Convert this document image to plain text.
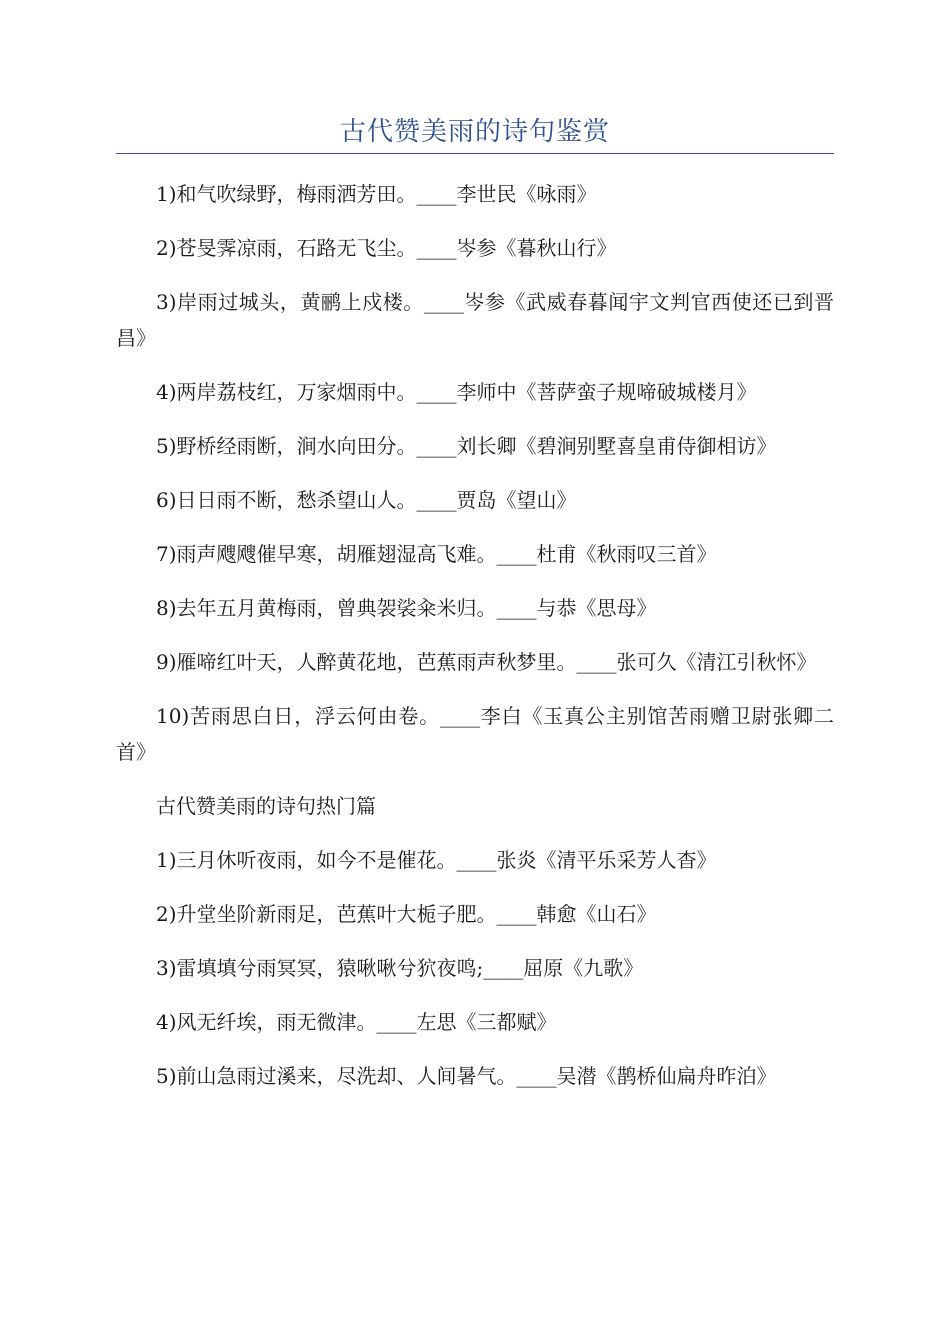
古代赞美雨的诗句鉴赏

1)和气吹绿野，梅雨洒芳田。____李世民《咏雨》

2)苍旻霁凉雨，石路无飞尘。____岑参《暮秋山行》

3)岸雨过城头，黄鹂上戍楼。____岑参《武威春暮闻宇文判官西使还已到晋昌》

4)两岸荔枝红，万家烟雨中。____李师中《菩萨蛮子规啼破城楼月》

5)野桥经雨断，涧水向田分。____刘长卿《碧涧别墅喜皇甫侍御相访》

6)日日雨不断，愁杀望山人。____贾岛《望山》

7)雨声飕飕催早寒，胡雁翅湿高飞难。____杜甫《秋雨叹三首》

8)去年五月黄梅雨，曾典袈裟籴米归。____与恭《思母》

9)雁啼红叶天，人醉黄花地，芭蕉雨声秋梦里。____张可久《清江引秋怀》

10)苦雨思白日，浮云何由卷。____李白《玉真公主别馆苦雨赠卫尉张卿二首》

古代赞美雨的诗句热门篇

1)三月休听夜雨，如今不是催花。____张炎《清平乐采芳人杳》

2)升堂坐阶新雨足，芭蕉叶大栀子肥。____韩愈《山石》

3)雷填填兮雨冥冥，猿啾啾兮狖夜鸣;____屈原《九歌》

4)风无纤埃，雨无微津。____左思《三都赋》

5)前山急雨过溪来，尽洗却、人间暑气。____吴潜《鹊桥仙扁舟昨泊》
